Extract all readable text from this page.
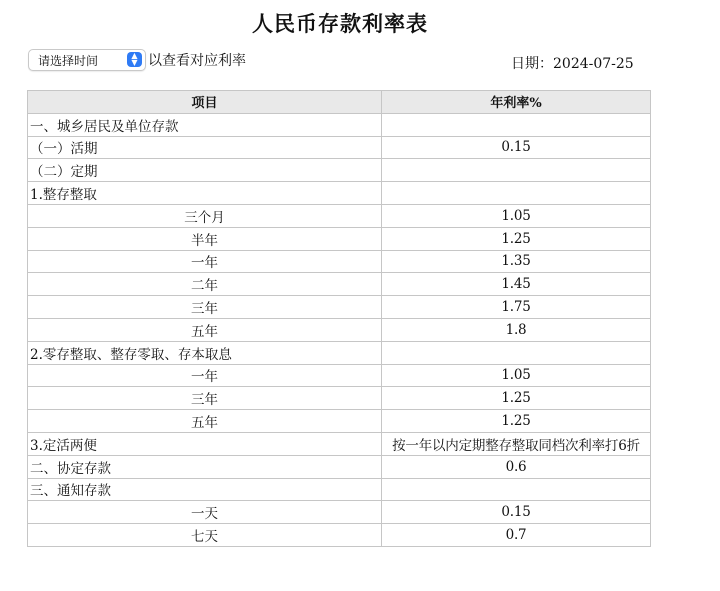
人民币存款利率表
请选择时间	▲
▼ 以查看对应利率	日期：2024-07-25
项目	年利率%
一、城乡居民及单位存款	
（一）活期	0.15
（二）定期	
1.整存整取	
三个月	1.05
半年	1.25
一年	1.35
二年	1.45
三年	1.75
五年	1.8
2.零存整取、整存零取、存本取息	
一年	1.05
三年	1.25
五年	1.25
3.定活两便	按一年以内定期整存整取同档次利率打6折
二、协定存款	0.6
三、通知存款	
一天	0.15
七天	0.7
